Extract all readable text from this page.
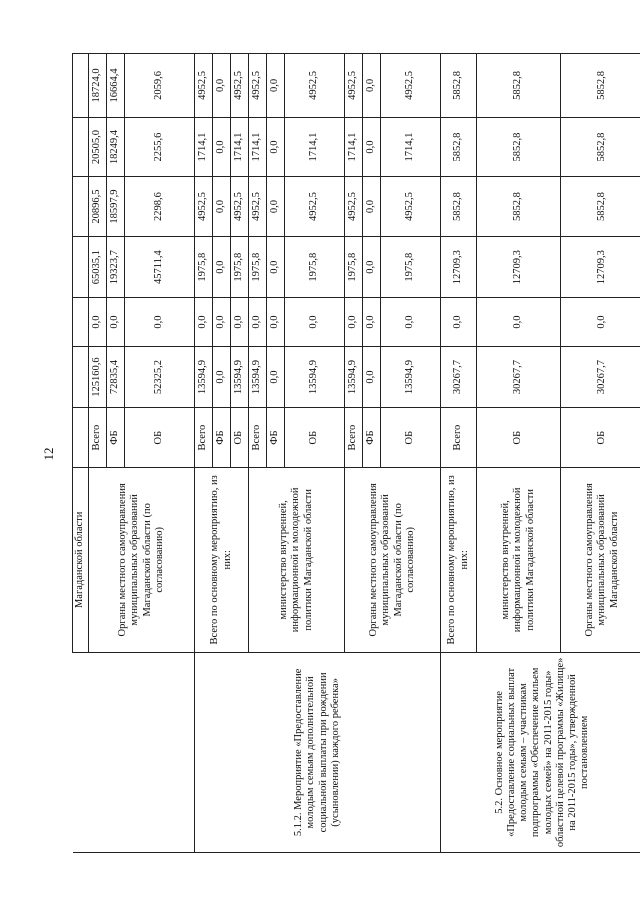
12
	Магаданской области							
	Органы местного самоуправления муниципальных образований Магаданской области (по согласованию)	Всего	125160,6	0,0	65035,1	20896,5	20505,0	18724,0
		ФБ	72835,4	0,0	19323,7	18597,9	18249,4	16664,4
		ОБ	52325,2	0,0	45711,4	2298,6	2255,6	2059,6
5.1.2. Мероприятие «Предоставление молодым семьям дополнительной социальной выплаты при рождении (усыновлении) каждого ребенка»	Всего по основному мероприятию, из них:	Всего	13594,9	0,0	1975,8	4952,5	1714,1	4952,5
		ФБ	0,0	0,0	0,0	0,0	0,0	0,0
		ОБ	13594,9	0,0	1975,8	4952,5	1714,1	4952,5
	министерство внутренней, информационной и молодежной политики Магаданской области	Всего	13594,9	0,0	1975,8	4952,5	1714,1	4952,5
		ФБ	0,0	0,0	0,0	0,0	0,0	0,0
		ОБ	13594,9	0,0	1975,8	4952,5	1714,1	4952,5
	Органы местного самоуправления муниципальных образований Магаданской области (по согласованию)	Всего	13594,9	0,0	1975,8	4952,5	1714,1	4952,5
		ФБ	0,0	0,0	0,0	0,0	0,0	0,0
		ОБ	13594,9	0,0	1975,8	4952,5	1714,1	4952,5
5.2. Основное мероприятие «Предоставление социальных выплат молодым семьям – участникам подпрограммы «Обеспечение жильем молодых семей» на 2011-2015 годы» областной целевой программы «Жилище» на 2011-2015 годы», утвержденной постановлением	Всего по основному мероприятию, из них:	Всего	30267,7	0,0	12709,3	5852,8	5852,8	5852,8
	министерство внутренней, информационной и молодежной политики Магаданской области	ОБ	30267,7	0,0	12709,3	5852,8	5852,8	5852,8
	Органы местного самоуправления муниципальных образований Магаданской области	ОБ	30267,7	0,0	12709,3	5852,8	5852,8	5852,8
